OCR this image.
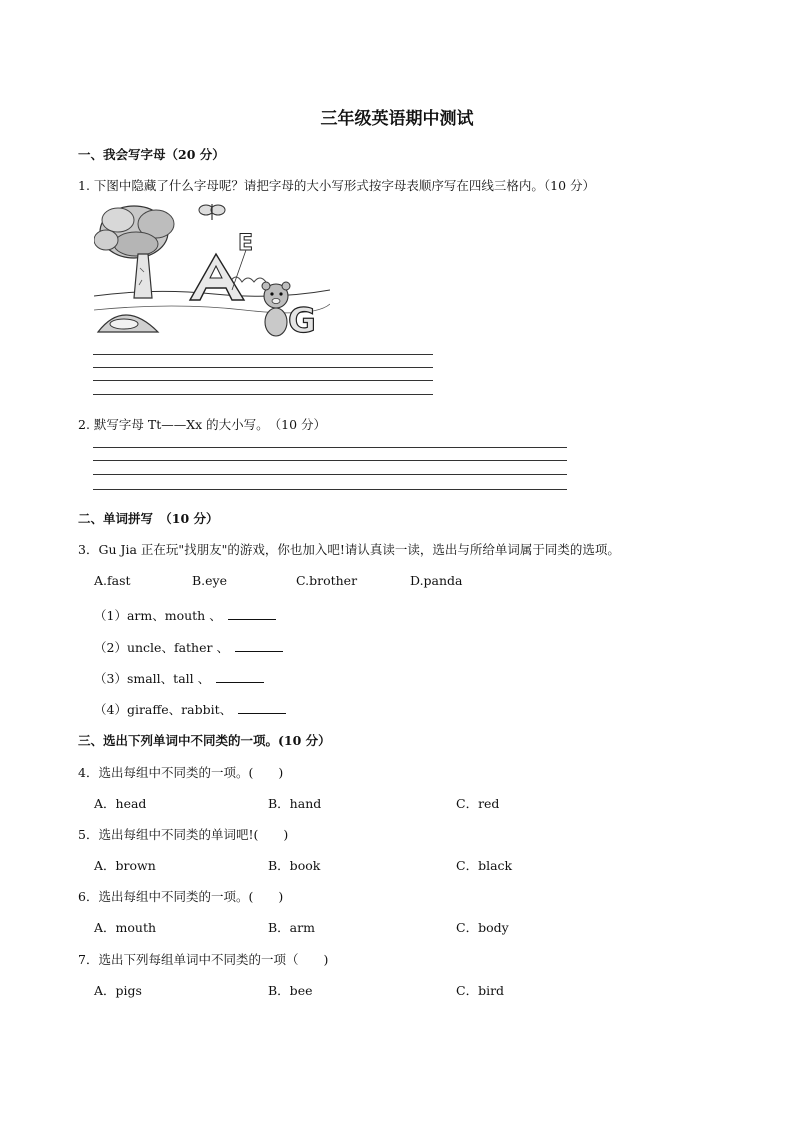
三年级英语期中测试
一、我会写字母（20 分）
1. 下图中隐藏了什么字母呢？请把字母的大小写形式按字母表顺序写在四线三格内。（10 分）
E
G
2. 默写字母 Tt——Xx 的大小写。　（10 分）
二、单词拼写　（10 分）
3．Gu Jia 正在玩"找朋友"的游戏，你也加入吧!请认真读一读，选出与所给单词属于同类的选项。
A.fast	B.eye	C.brother	D.panda
（1）arm、mouth 、
（2）uncle、father 、
（3）small、tall 、
（4）giraffe、rabbit、
三、选出下列单词中不同类的一项。(10 分）
4．选出每组中不同类的一项。(　　)
A．head	B．hand	C．red
5．选出每组中不同类的单词吧!(　　)
A．brown	B．book	C．black
6．选出每组中不同类的一项。(　　)
A．mouth	B．arm	C．body
7．选出下列每组单词中不同类的一项（　　)
A．pigs	B．bee	C．bird
